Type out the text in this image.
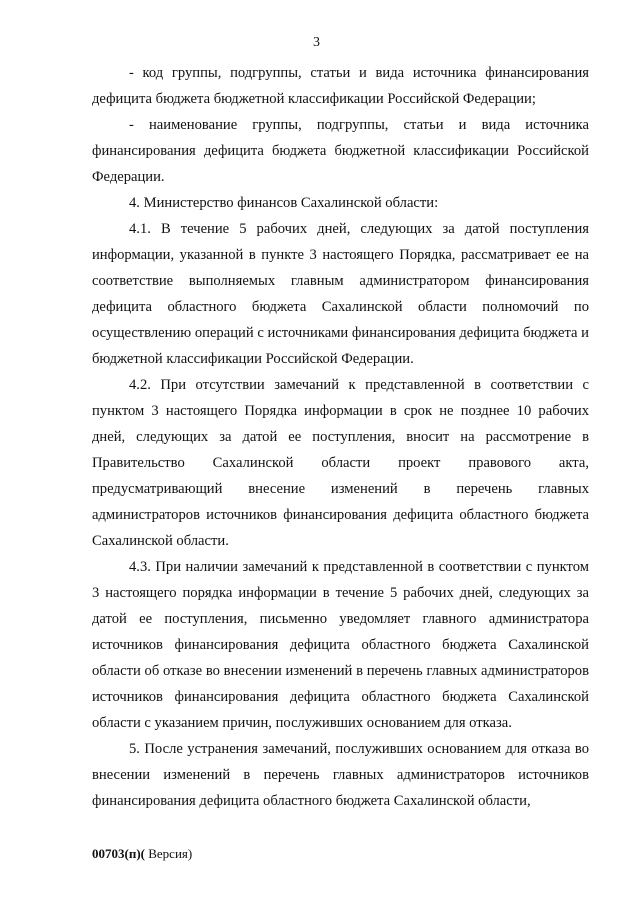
3

- код группы, подгруппы, статьи и вида источника финансирования дефицита бюджета бюджетной классификации Российской Федерации;

- наименование группы, подгруппы, статьи и вида источника финансирования дефицита бюджета бюджетной классификации Российской Федерации.

4. Министерство финансов Сахалинской области:

4.1. В течение 5 рабочих дней, следующих за датой поступления информации, указанной в пункте 3 настоящего Порядка, рассматривает ее на соответствие выполняемых главным администратором финансирования дефицита областного бюджета Сахалинской области полномочий по осуществлению операций с источниками финансирования дефицита бюджета и бюджетной классификации Российской Федерации.

4.2. При отсутствии замечаний к представленной в соответствии с пунктом 3 настоящего Порядка информации в срок не позднее 10 рабочих дней, следующих за датой ее поступления, вносит на рассмотрение в Правительство Сахалинской области проект правового акта, предусматривающий внесение изменений в перечень главных администраторов источников финансирования дефицита областного бюджета Сахалинской области.

4.3. При наличии замечаний к представленной в соответствии с пунктом 3 настоящего порядка информации в течение 5 рабочих дней, следующих за датой ее поступления, письменно уведомляет главного администратора источников финансирования дефицита областного бюджета Сахалинской области об отказе во внесении изменений в перечень главных администраторов источников финансирования дефицита областного бюджета Сахалинской области с указанием причин, послуживших основанием для отказа.

5. После устранения замечаний, послуживших основанием для отказа во внесении изменений в перечень главных администраторов источников финансирования дефицита областного бюджета Сахалинской области,

00703(п)( Версия)
